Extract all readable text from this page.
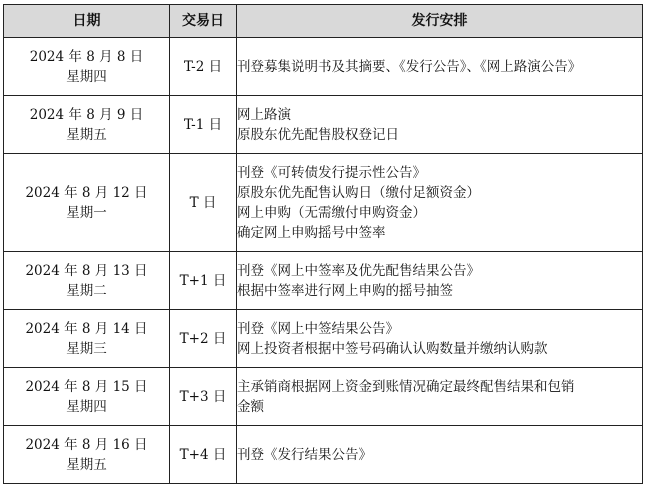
日期	交易日	发行安排

2024 年 8 月 8 日
星期四	T-2 日	刊登募集说明书及其摘要、《发行公告》、《网上路演公告》

2024 年 8 月 9 日
星期五	T-1 日	网上路演
原股东优先配售股权登记日

2024 年 8 月 12 日
星期一	T 日	刊登《可转债发行提示性公告》
原股东优先配售认购日（缴付足额资金）
网上申购（无需缴付申购资金）
确定网上申购摇号中签率

2024 年 8 月 13 日
星期二	T+1 日	刊登《网上中签率及优先配售结果公告》
根据中签率进行网上申购的摇号抽签

2024 年 8 月 14 日
星期三	T+2 日	刊登《网上中签结果公告》
网上投资者根据中签号码确认认购数量并缴纳认购款

2024 年 8 月 15 日
星期四	T+3 日	主承销商根据网上资金到账情况确定最终配售结果和包销
金额

2024 年 8 月 16 日
星期五	T+4 日	刊登《发行结果公告》
